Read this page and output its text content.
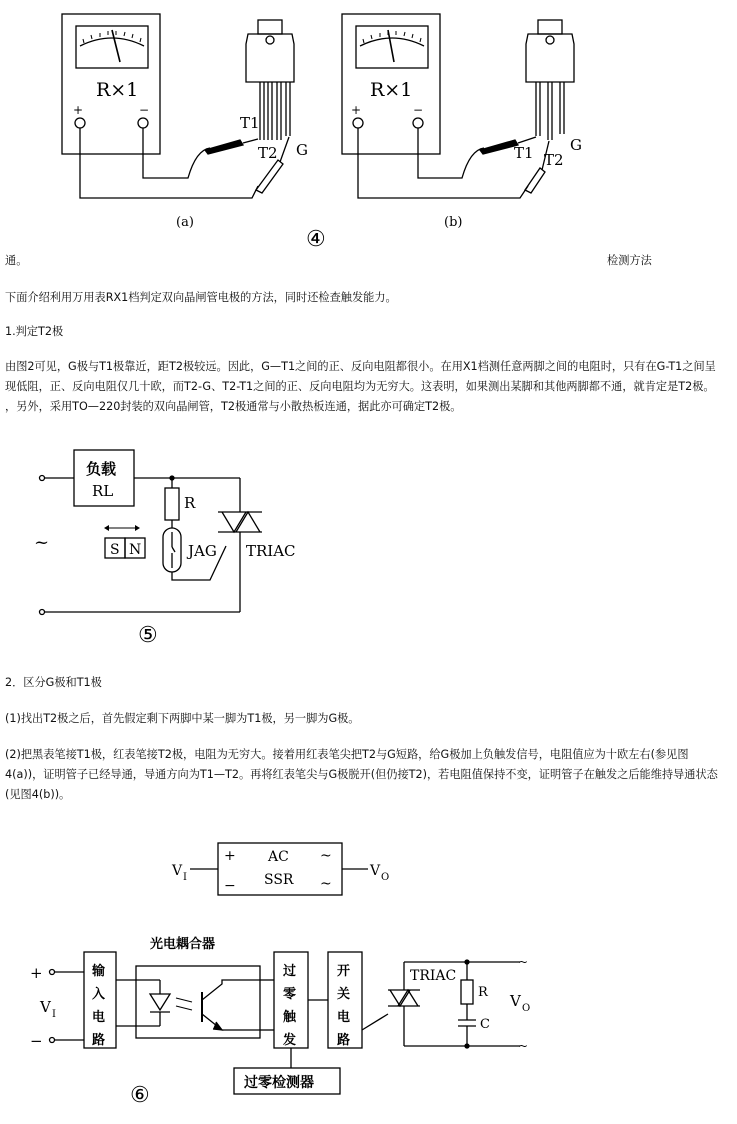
R×1
+	−
T1
T2 G
(a)
R×1
+	−
T1 T2
G
(b)
④
负载
RL
R
JAG TRIAC
~	S N
⑤
V I	V O
+
−
AC
SSR
~
~
+
−
V I
输
入
电
路
光电耦合器
过
零
触
发
开
关
电
路
过零检测器
TRIAC
R
C
~
~
V O
⑥
通。	检测方法
下面介绍利用万用表RX1档判定双向晶闸管电极的方法，同时还检查触发能力。
1.判定T2极
由图2可见，G极与T1极靠近，距T2极较远。因此，G—T1之间的正、反向电阻都很小。在用X1档测任意两脚之间的电阻时，只有在G-T1之间呈现低阻，正、反向电阻仅几十欧，而T2-G、T2-T1之间的正、反向电阻均为无穷大。这表明，如果测出某脚和其他两脚都不通，就肯定是T2极。 ，另外，采用TO—220封装的双向晶闸管，T2极通常与小散热板连通，据此亦可确定T2极。
2．区分G极和T1极
(1)找出T2极之后，首先假定剩下两脚中某一脚为T1极，另一脚为G极。
(2)把黑表笔接T1极，红表笔接T2极，电阻为无穷大。接着用红表笔尖把T2与G短路，给G极加上负触发信号，电阻值应为十欧左右(参见图4(a))，证明管子已经导通，导通方向为T1—T2。再将红表笔尖与G极脱开(但仍接T2)，若电阻值保持不变，证明管子在触发之后能维持导通状态(见图4(b))。
